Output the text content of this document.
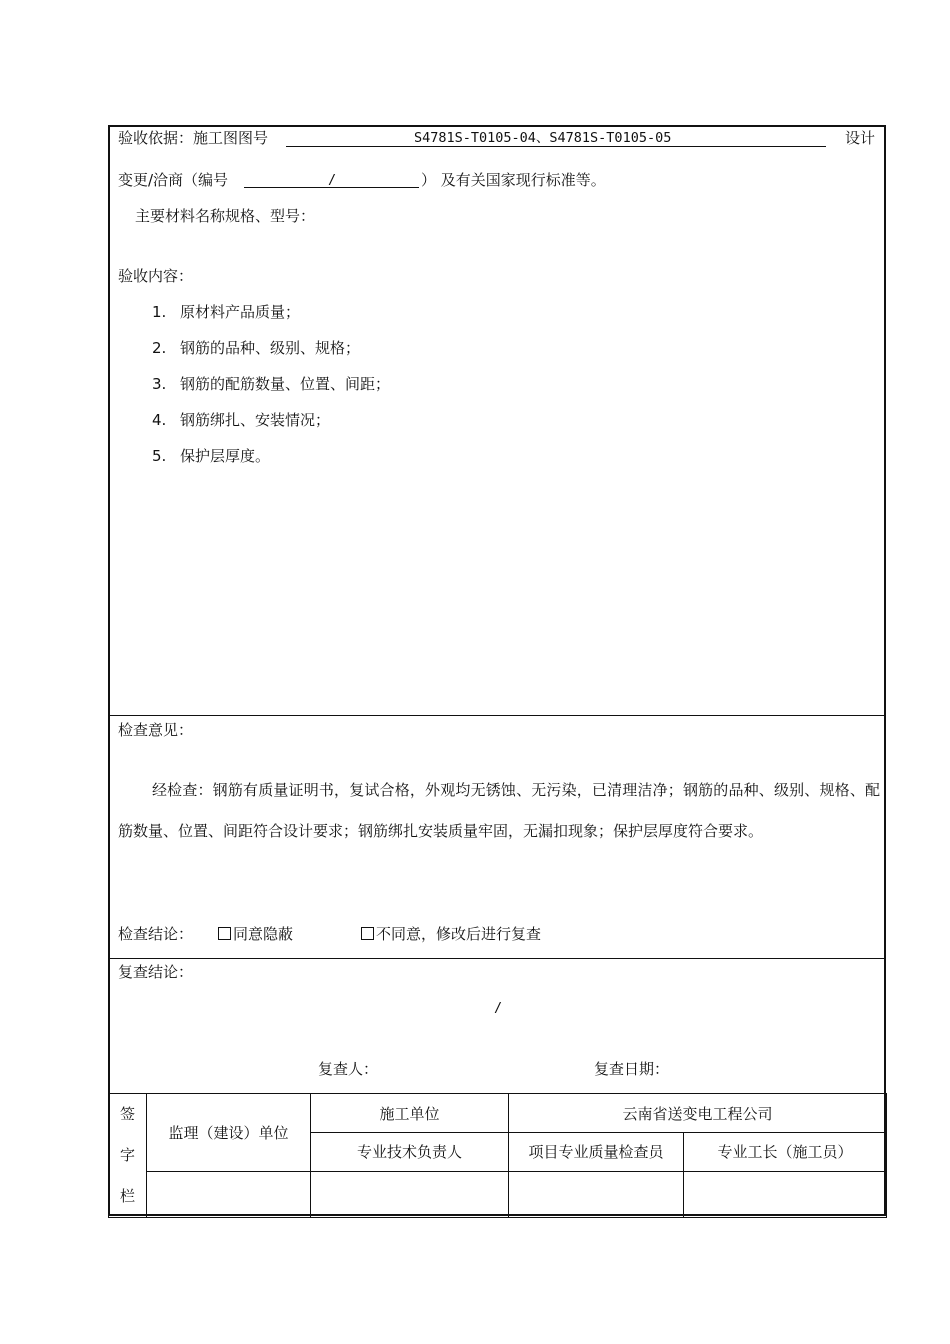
验收依据：施工图图号	S4781S-T0105-04、S4781S-T0105-05	设计
变更/洽商（编号	/	） 及有关国家现行标准等。
主要材料名称规格、型号：
验收内容：
1. 原材料产品质量；
2. 钢筋的品种、级别、规格；
3. 钢筋的配筋数量、位置、间距；
4. 钢筋绑扎、安装情况；
5. 保护层厚度。
检查意见：
经检查：钢筋有质量证明书，复试合格，外观均无锈蚀、无污染，已清理洁净；钢筋的品种、级别、规格、配筋数量、位置、间距符合设计要求；钢筋绑扎安装质量牢固，无漏扣现象；保护层厚度符合要求。
检查结论：	同意隐蔽	不同意，修改后进行复查
复查结论：
/
复查人：	复查日期：
签
字
栏	监理（建设）单位	施工单位	云南省送变电工程公司	
		专业技术负责人	项目专业质量检查员	专业工长（施工员）
